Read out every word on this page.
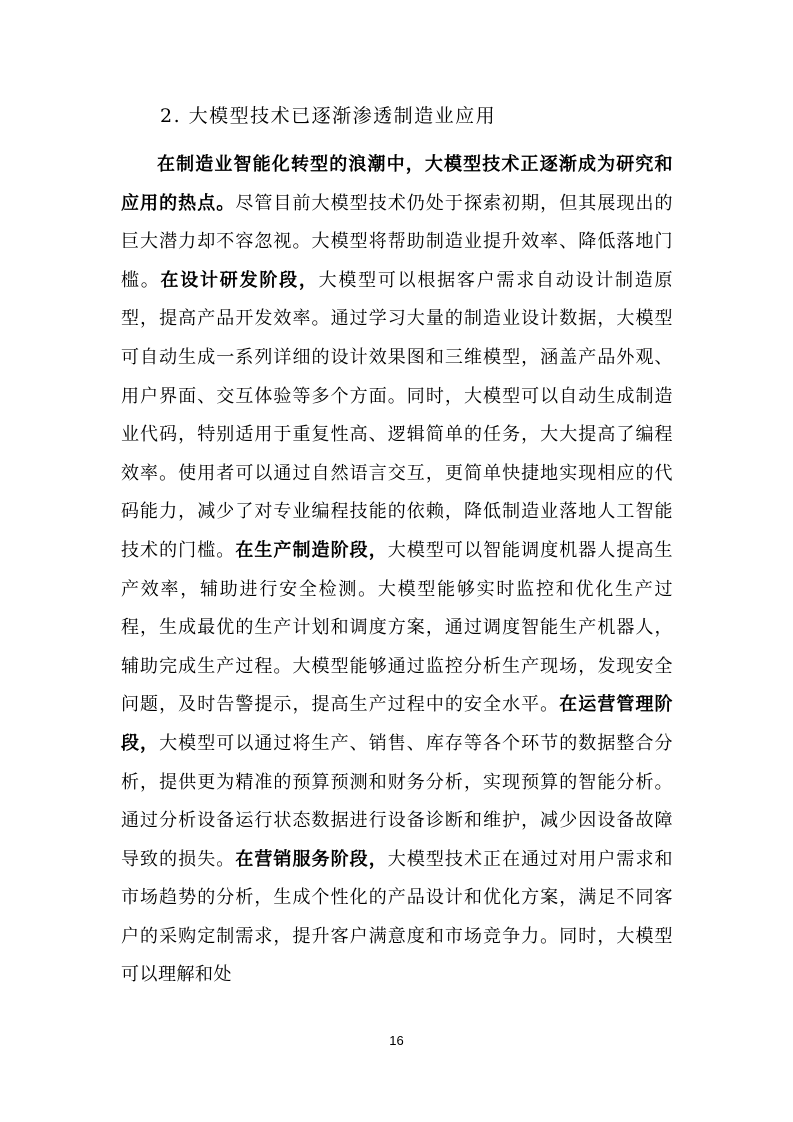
2. 大模型技术已逐渐渗透制造业应用

在制造业智能化转型的浪潮中，大模型技术正逐渐成为研究和应用的热点。尽管目前大模型技术仍处于探索初期，但其展现出的巨大潜力却不容忽视。大模型将帮助制造业提升效率、降低落地门槛。在设计研发阶段，大模型可以根据客户需求自动设计制造原型，提高产品开发效率。通过学习大量的制造业设计数据，大模型可自动生成一系列详细的设计效果图和三维模型，涵盖产品外观、用户界面、交互体验等多个方面。同时，大模型可以自动生成制造业代码，特别适用于重复性高、逻辑简单的任务，大大提高了编程效率。使用者可以通过自然语言交互，更简单快捷地实现相应的代码能力，减少了对专业编程技能的依赖，降低制造业落地人工智能技术的门槛。在生产制造阶段，大模型可以智能调度机器人提高生产效率，辅助进行安全检测。大模型能够实时监控和优化生产过程，生成最优的生产计划和调度方案，通过调度智能生产机器人，辅助完成生产过程。大模型能够通过监控分析生产现场，发现安全问题，及时告警提示，提高生产过程中的安全水平。在运营管理阶段，大模型可以通过将生产、销售、库存等各个环节的数据整合分析，提供更为精准的预算预测和财务分析，实现预算的智能分析。通过分析设备运行状态数据进行设备诊断和维护，减少因设备故障导致的损失。在营销服务阶段，大模型技术正在通过对用户需求和市场趋势的分析，生成个性化的产品设计和优化方案，满足不同客户的采购定制需求，提升客户满意度和市场竞争力。同时，大模型可以理解和处

16
